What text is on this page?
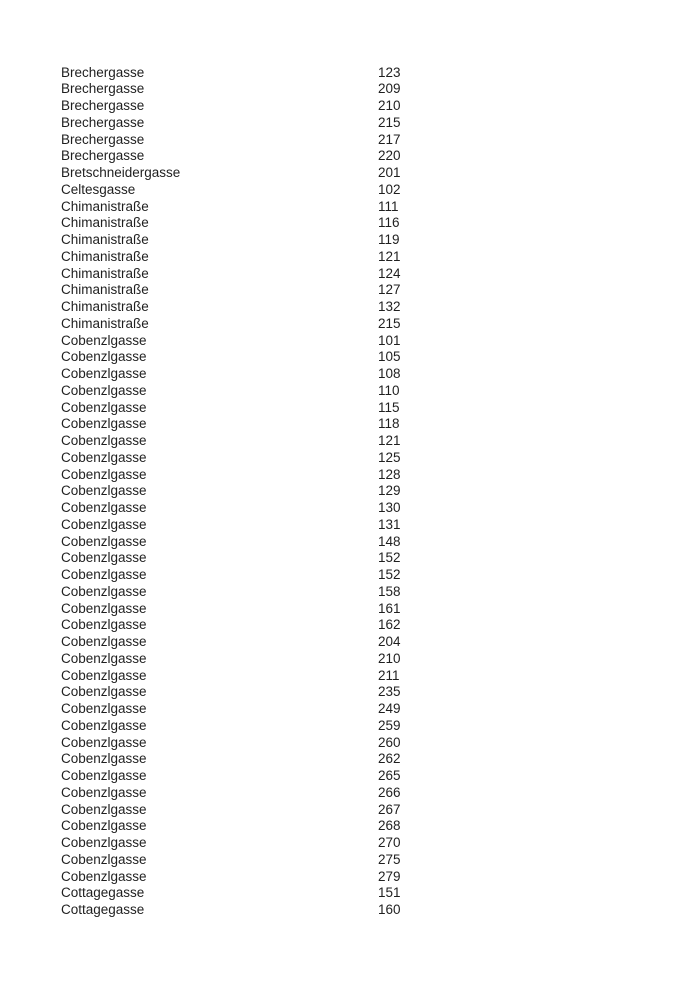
Brechergasse	123
Brechergasse	209
Brechergasse	210
Brechergasse	215
Brechergasse	217
Brechergasse	220
Bretschneidergasse	201
Celtesgasse	102
Chimanistraße	111
Chimanistraße	116
Chimanistraße	119
Chimanistraße	121
Chimanistraße	124
Chimanistraße	127
Chimanistraße	132
Chimanistraße	215
Cobenzlgasse	101
Cobenzlgasse	105
Cobenzlgasse	108
Cobenzlgasse	110
Cobenzlgasse	115
Cobenzlgasse	118
Cobenzlgasse	121
Cobenzlgasse	125
Cobenzlgasse	128
Cobenzlgasse	129
Cobenzlgasse	130
Cobenzlgasse	131
Cobenzlgasse	148
Cobenzlgasse	152
Cobenzlgasse	152
Cobenzlgasse	158
Cobenzlgasse	161
Cobenzlgasse	162
Cobenzlgasse	204
Cobenzlgasse	210
Cobenzlgasse	211
Cobenzlgasse	235
Cobenzlgasse	249
Cobenzlgasse	259
Cobenzlgasse	260
Cobenzlgasse	262
Cobenzlgasse	265
Cobenzlgasse	266
Cobenzlgasse	267
Cobenzlgasse	268
Cobenzlgasse	270
Cobenzlgasse	275
Cobenzlgasse	279
Cottagegasse	151
Cottagegasse	160
